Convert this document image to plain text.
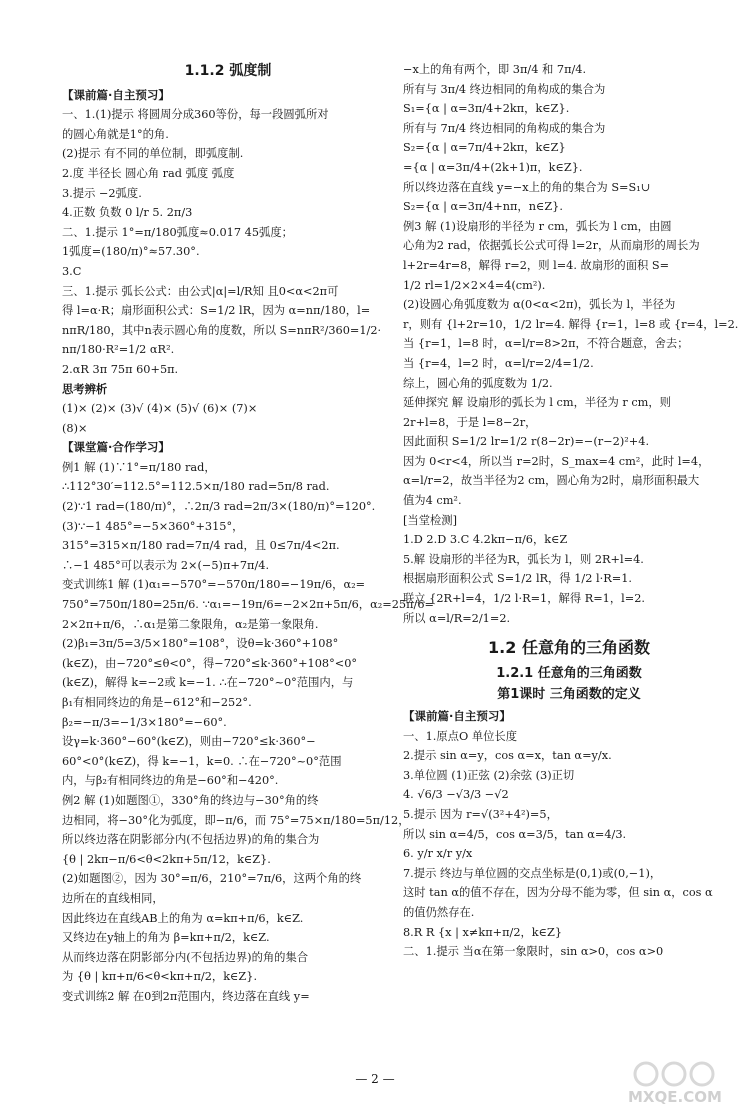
1.1.2 弧度制
【课前篇·自主预习】
一、1.(1)提示 将圆周分成360等份，每一段圆弧所对
的圆心角就是1°的角.
(2)提示 有不同的单位制，即弧度制.
2.度 半径长 圆心角 rad 弧度 弧度
3.提示 −2弧度.
4.正数 负数 0 l/r 5. 2π/3
二、1.提示 1°=π/180弧度≈0.017 45弧度；
1弧度=(180/π)°≈57.30°.
3.C
三、1.提示 弧长公式：由公式|α|=l/R知 且0<α<2π可
得 l=α·R；扇形面积公式：S=1/2 lR，因为 α=nπ/180，l=
nπR/180，其中n表示圆心角的度数，所以 S=nπR²/360=1/2·
nπ/180·R²=1/2 αR².
2.αR 3π 75π 60+5π.
思考辨析
(1)× (2)× (3)√ (4)× (5)√ (6)× (7)×
(8)×
【课堂篇·合作学习】
例1 解 (1)∵1°=π/180 rad，
∴112°30′=112.5°=112.5×π/180 rad=5π/8 rad.
(2)∵1 rad=(180/π)°，∴2π/3 rad=2π/3×(180/π)°=120°.
(3)∵−1 485°=−5×360°+315°，
315°=315×π/180 rad=7π/4 rad，且 0≤7π/4<2π.
∴−1 485°可以表示为 2×(−5)π+7π/4.
变式训练1 解 (1)α₁=−570°=−570π/180=−19π/6，α₂=
750°=750π/180=25π/6. ∵α₁=−19π/6=−2×2π+5π/6，α₂=25π/6=
2×2π+π/6，∴α₁是第二象限角，α₂是第一象限角.
(2)β₁=3π/5=3/5×180°=108°，设θ=k·360°+108°
(k∈Z)，由−720°≤θ<0°，得−720°≤k·360°+108°<0°
(k∈Z)，解得 k=−2或 k=−1. ∴在−720°~0°范围内，与
β₁有相同终边的角是−612°和−252°.
β₂=−π/3=−1/3×180°=−60°.
设γ=k·360°−60°(k∈Z)，则由−720°≤k·360°−
60°<0°(k∈Z)，得 k=−1，k=0. ∴在−720°~0°范围
内，与β₂有相同终边的角是−60°和−420°.
例2 解 (1)如题图①，330°角的终边与−30°角的终
边相同，将−30°化为弧度，即−π/6，而 75°=75×π/180=5π/12，
所以终边落在阴影部分内(不包括边界)的角的集合为
{θ | 2kπ−π/6<θ<2kπ+5π/12，k∈Z}.
(2)如题图②，因为 30°=π/6，210°=7π/6，这两个角的终
边所在的直线相同，
因此终边在直线AB上的角为 α=kπ+π/6，k∈Z.
又终边在y轴上的角为 β=kπ+π/2，k∈Z.
从而终边落在阴影部分内(不包括边界)的角的集合
为 {θ | kπ+π/6<θ<kπ+π/2，k∈Z}.
变式训练2 解 在0到2π范围内，终边落在直线 y=
−x上的角有两个，即 3π/4 和 7π/4.
所有与 3π/4 终边相同的角构成的集合为
S₁={α | α=3π/4+2kπ，k∈Z}.
所有与 7π/4 终边相同的角构成的集合为
S₂={α | α=7π/4+2kπ，k∈Z}
={α | α=3π/4+(2k+1)π，k∈Z}.
所以终边落在直线 y=−x上的角的集合为 S=S₁∪
S₂={α | α=3π/4+nπ，n∈Z}.
例3 解 (1)设扇形的半径为 r cm，弧长为 l cm，由圆
心角为2 rad，依据弧长公式可得 l=2r，从而扇形的周长为
l+2r=4r=8，解得 r=2，则 l=4. 故扇形的面积 S=
1/2 rl=1/2×2×4=4(cm²).
(2)设圆心角弧度数为 α(0<α<2π)，弧长为 l，半径为
r，则有 {l+2r=10，1/2 lr=4. 解得 {r=1，l=8 或 {r=4，l=2.
当 {r=1，l=8 时，α=l/r=8>2π，不符合题意，舍去；
当 {r=4，l=2 时，α=l/r=2/4=1/2.
综上，圆心角的弧度数为 1/2.
延伸探究 解 设扇形的弧长为 l cm，半径为 r cm，则
2r+l=8，于是 l=8−2r，
因此面积 S=1/2 lr=1/2 r(8−2r)=−(r−2)²+4.
因为 0<r<4，所以当 r=2时，S_max=4 cm²，此时 l=4，
α=l/r=2，故当半径为2 cm，圆心角为2时，扇形面积最大
值为4 cm².
[当堂检测]
1.D 2.D 3.C 4.2kπ−π/6，k∈Z
5.解 设扇形的半径为R，弧长为 l，则 2R+l=4.
根据扇形面积公式 S=1/2 lR，得 1/2 l·R=1.
联立 {2R+l=4，1/2 l·R=1，解得 R=1，l=2.
所以 α=l/R=2/1=2.
1.2 任意角的三角函数
1.2.1 任意角的三角函数
第1课时 三角函数的定义
【课前篇·自主预习】
一、1.原点O 单位长度
2.提示 sin α=y，cos α=x，tan α=y/x.
3.单位圆 (1)正弦 (2)余弦 (3)正切
4. √6/3 −√3/3 −√2
5.提示 因为 r=√(3²+4²)=5，
所以 sin α=4/5，cos α=3/5，tan α=4/3.
6. y/r x/r y/x
7.提示 终边与单位圆的交点坐标是(0,1)或(0,−1)，
这时 tan α的值不存在，因为分母不能为零，但 sin α，cos α
的值仍然存在.
8.R R {x | x≠kπ+π/2，k∈Z}
二、1.提示 当α在第一象限时，sin α>0，cos α>0
— 2 —
MXQE.COM
